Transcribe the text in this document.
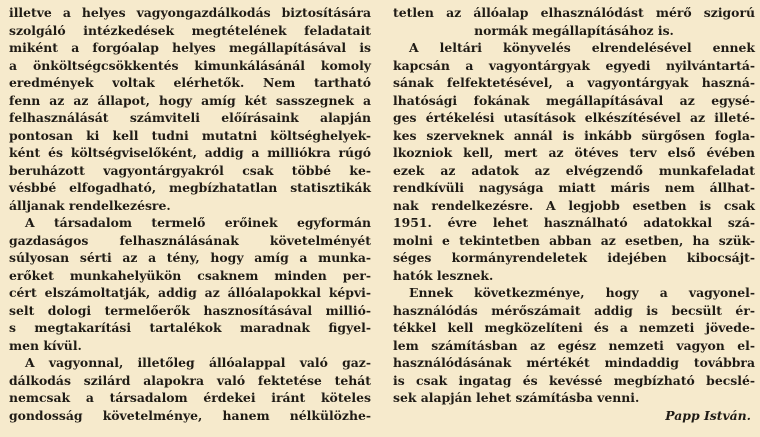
illetve a helyes vagyongazdálkodás biztosítására
szolgáló intézkedések megtételének feladatait
miként a forgóalap helyes megállapításával is
a önköltségcsökkentés kimunkálásánál komoly
eredmények voltak elérhetők. Nem tartható
fenn az az állapot, hogy amíg két sasszegnek a
felhasználását számviteli előírásaink alapján
pontosan ki kell tudni mutatni költséghelyek-
ként és költségviselőként, addig a milliókra rúgó
beruházott vagyontárgyakról csak többé ke-
vésbbé elfogadható, megbízhatatlan statisztikák
álljanak rendelkezésre.
A társadalom termelő erőinek egyformán
gazdaságos felhasználásának követelményét
súlyosan sérti az a tény, hogy amíg a munka-
erőket munkahelyükön csaknem minden per-
cért elszámoltatják, addig az állóalapokkal képvi-
selt dologi termelőerők hasznosításával millió-
s megtakarítási tartalékok maradnak figyel-
men kívül.
A vagyonnal, illetőleg állóalappal való gaz-
dálkodás szilárd alapokra való fektetése tehát
nemcsak a társadalom érdekei iránt köteles
gondosság követelménye, hanem nélkülözhe-
tetlen az állóalap elhasználódást mérő szigorú
normák megállapításához is.
A leltári könyvelés elrendelésével ennek
kapcsán a vagyontárgyak egyedi nyilvántartá-
sának felfektetésével, a vagyontárgyak haszná-
lhatósági fokának megállapításával az egysé-
ges értékelési utasítások elkészítésével az illeté-
kes szerveknek annál is inkább sürgősen fogla-
lkozniok kell, mert az ötéves terv első évében
ezek az adatok az elvégzendő munkafeladat
rendkívüli nagysága miatt máris nem állhat-
nak rendelkezésre. A legjobb esetben is csak
1951. évre lehet használható adatokkal szá-
molni e tekintetben abban az esetben, ha szük-
séges kormányrendeletek idejében kibocsájt-
hatók lesznek.
Ennek következménye, hogy a vagyonel-
használódás mérőszámait addig is becsült ér-
tékkel kell megközelíteni és a nemzeti jövede-
lem számításban az egész nemzeti vagyon el-
használódásának mértékét mindaddig továbbra
is csak ingatag és kevéssé megbízható becslé-
sek alapján lehet számításba venni.
Papp István.
